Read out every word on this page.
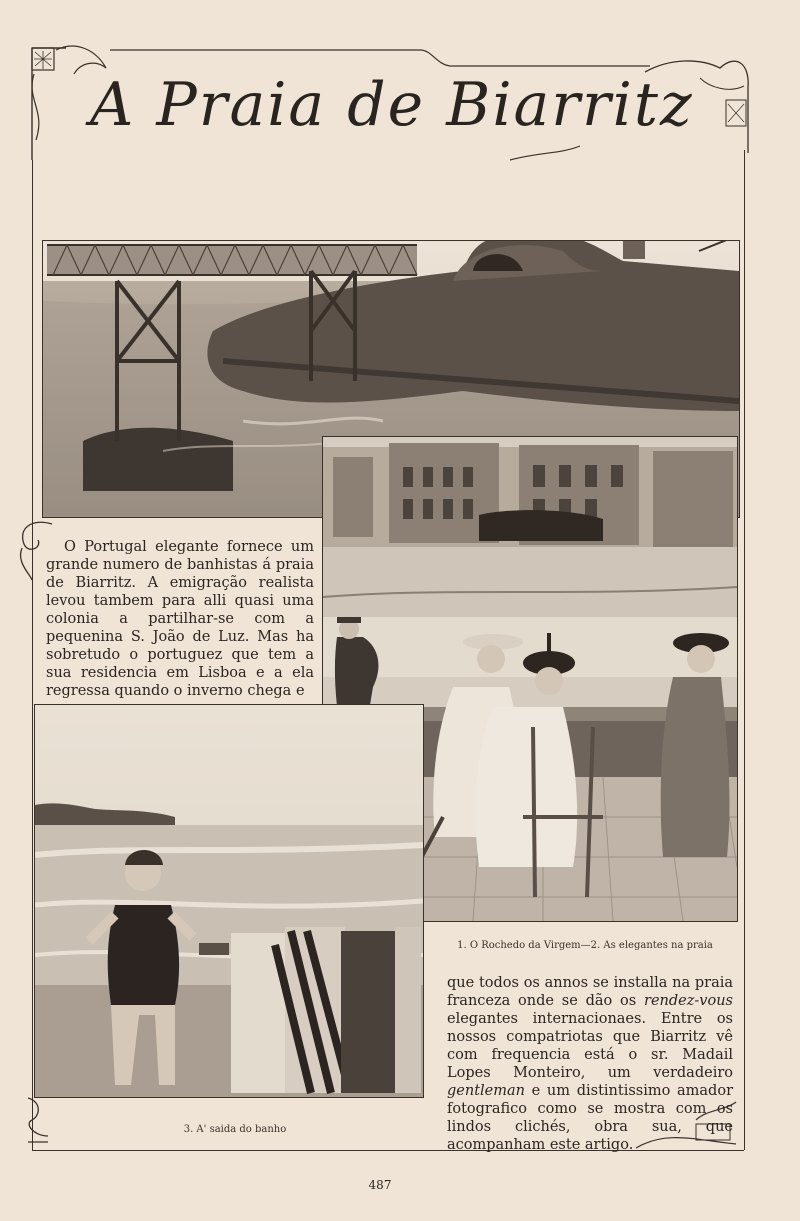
A Praia de Biarritz
O Portugal elegante fornece um grande numero de banhistas á praia de Biarritz. A emigração realista levou tambem para alli quasi uma colonia a partilhar-se com a pequenina S. João de Luz. Mas ha sobretudo o portuguez que tem a sua residencia em Lisboa e a ela regressa quando o inverno chega e
1. O Rochedo da Virgem—2. As elegantes na praia
3. A' saida do banho
que todos os annos se installa na praia franceza onde se dão os rendez-vous elegantes internacionaes. Entre os nossos compatriotas que Biarritz vê com frequencia está o sr. Madail Lopes Monteiro, um verdadeiro gentleman e um distintissimo amador fotografico como se mostra com os lindos clichés, obra sua, que acompanham este artigo.
487
